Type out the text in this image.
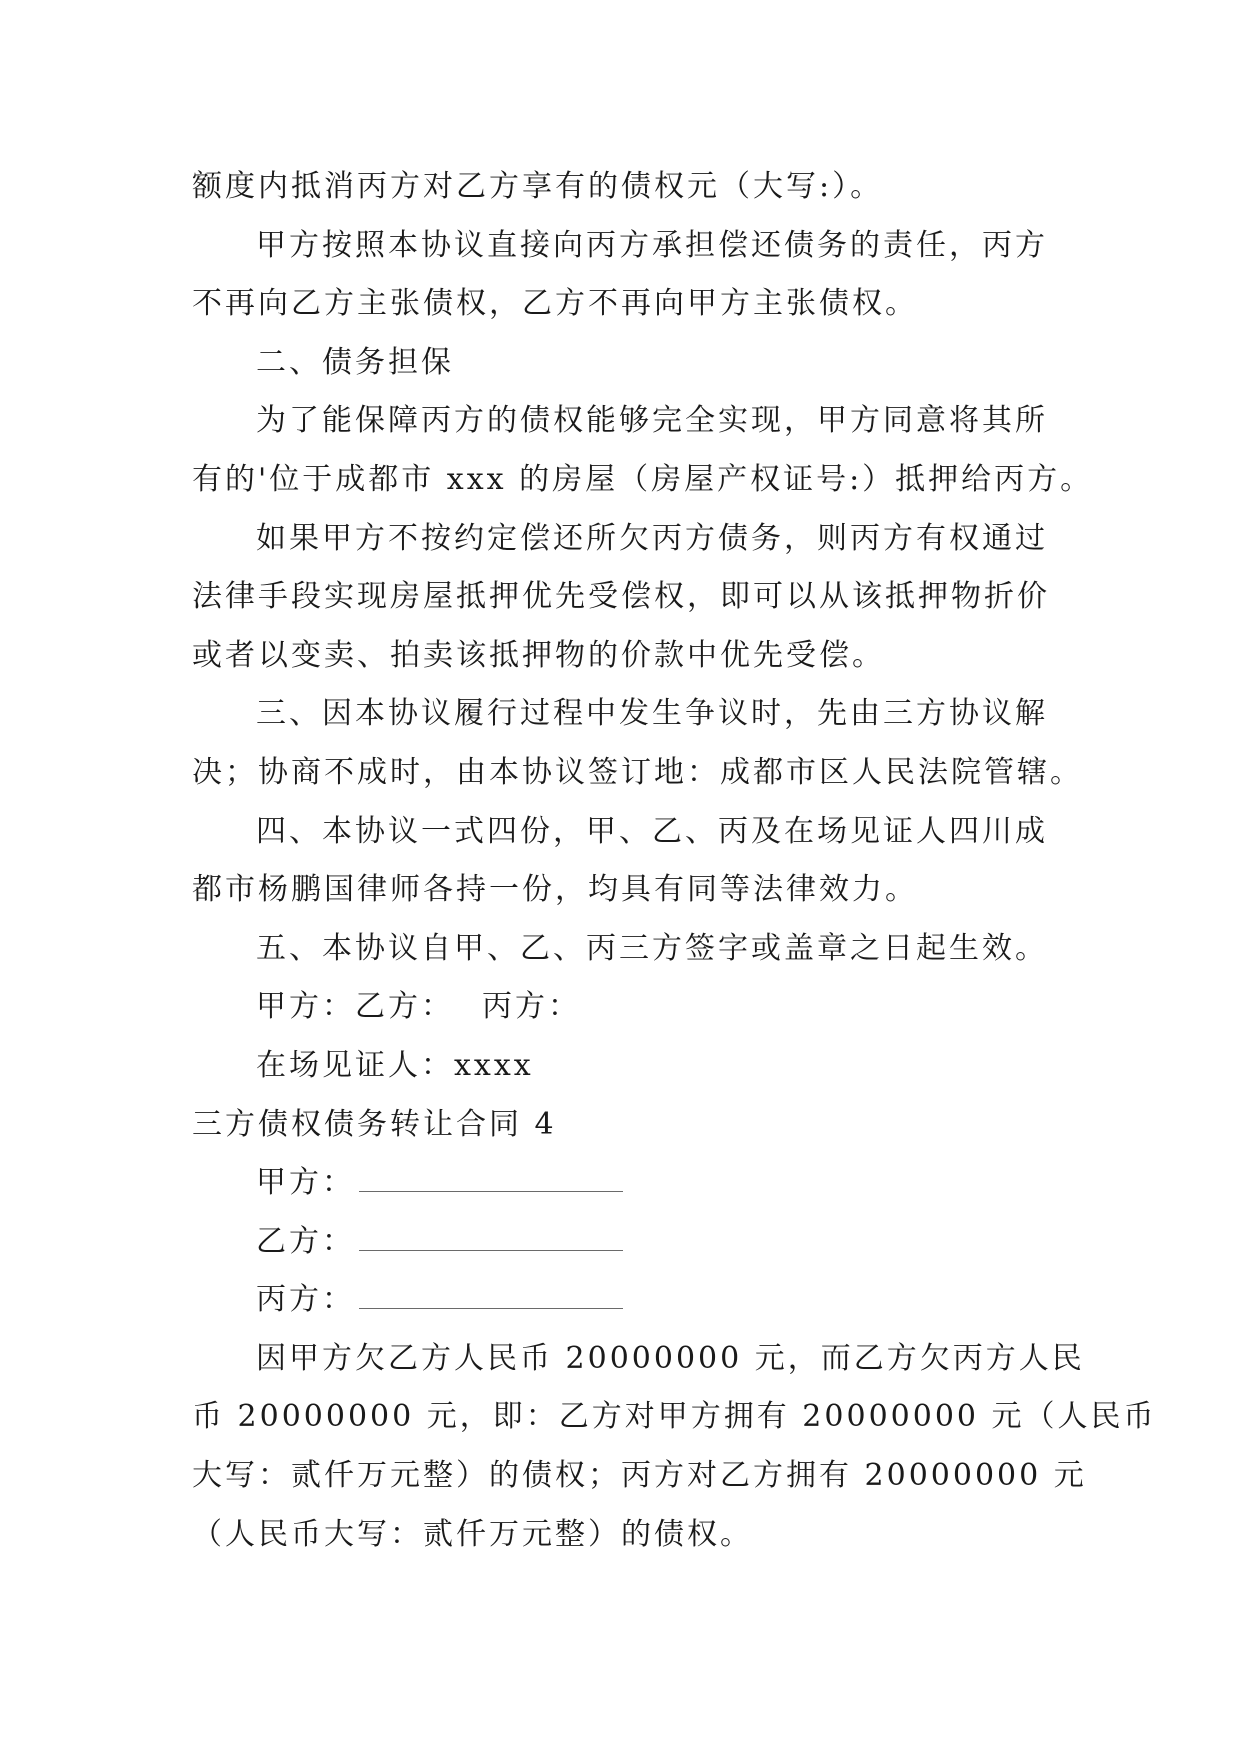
额度内抵消丙方对乙方享有的债权元（大写:）。
甲方按照本协议直接向丙方承担偿还债务的责任，丙方
不再向乙方主张债权，乙方不再向甲方主张债权。
二、债务担保
为了能保障丙方的债权能够完全实现，甲方同意将其所
有的'位于成都市 xxx 的房屋（房屋产权证号:）抵押给丙方。
如果甲方不按约定偿还所欠丙方债务，则丙方有权通过
法律手段实现房屋抵押优先受偿权，即可以从该抵押物折价
或者以变卖、拍卖该抵押物的价款中优先受偿。
三、因本协议履行过程中发生争议时，先由三方协议解
决；协商不成时，由本协议签订地：成都市区人民法院管辖。
四、本协议一式四份，甲、乙、丙及在场见证人四川成
都市杨鹏国律师各持一份，均具有同等法律效力。
五、本协议自甲、乙、丙三方签字或盖章之日起生效。
甲方：乙方： 丙方：
在场见证人：xxxx
三方债权债务转让合同 4
甲方：
乙方：
丙方：
因甲方欠乙方人民币 20000000 元，而乙方欠丙方人民
币 20000000 元，即：乙方对甲方拥有 20000000 元（人民币
大写：贰仟万元整）的债权；丙方对乙方拥有 20000000 元
（人民币大写：贰仟万元整）的债权。
